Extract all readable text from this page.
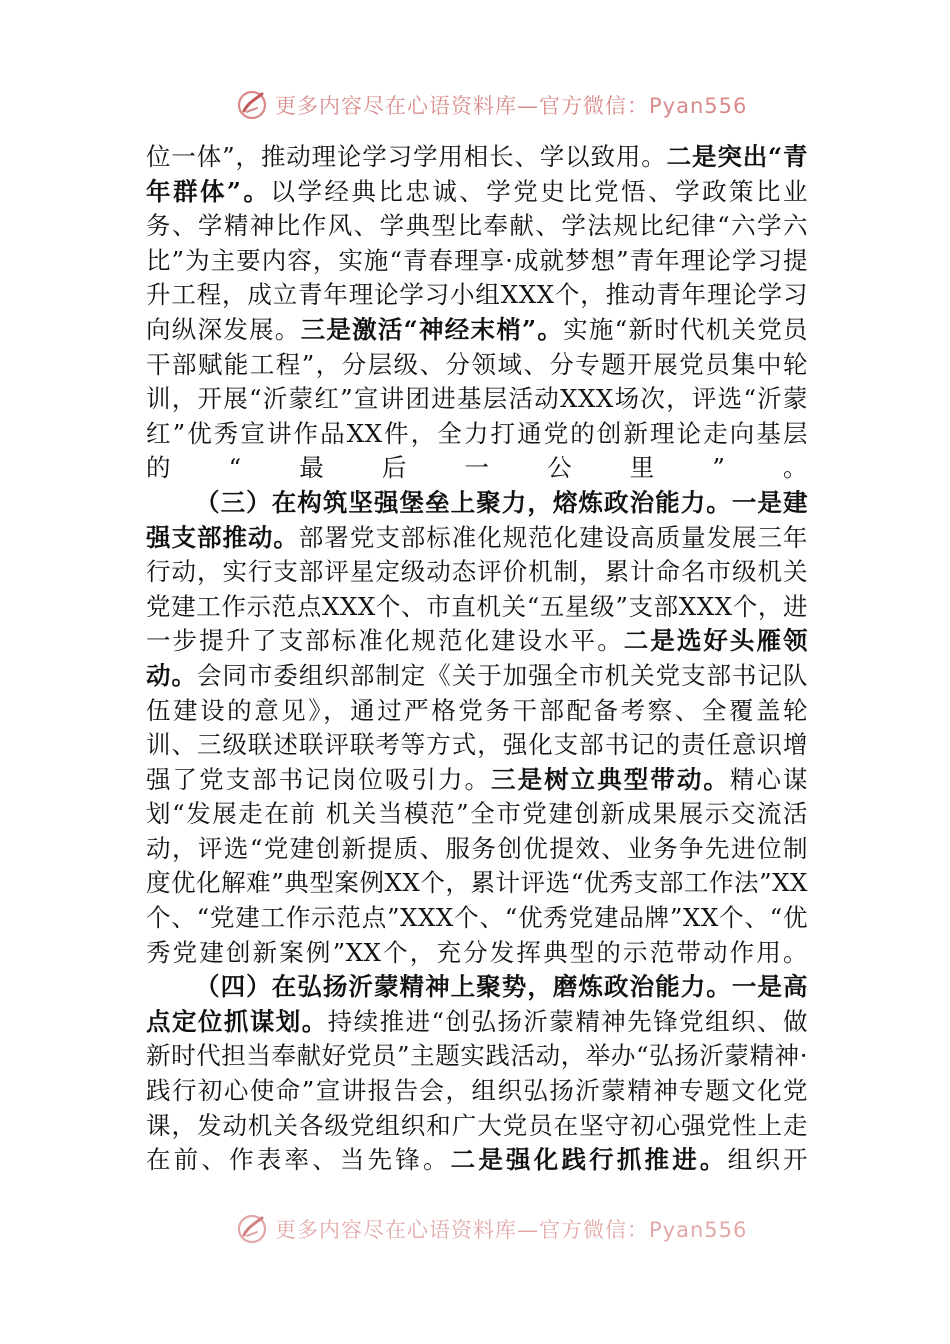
更多内容尽在心语资料库—官方微信：Pyan556

位一体”，推动理论学习学用相长、学以致用。二是突出“青年群体”。以学经典比忠诚、学党史比党悟、学政策比业务、学精神比作风、学典型比奉献、学法规比纪律“六学六比”为主要内容，实施“青春理享·成就梦想”青年理论学习提升工程，成立青年理论学习小组XXX个，推动青年理论学习向纵深发展。三是激活“神经末梢”。实施“新时代机关党员干部赋能工程”，分层级、分领域、分专题开展党员集中轮训，开展“沂蒙红”宣讲团进基层活动XXX场次，评选“沂蒙红”优秀宣讲作品XX件，全力打通党的创新理论走向基层的“最后一公里”。

（三）在构筑坚强堡垒上聚力，熔炼政治能力。一是建强支部推动。部署党支部标准化规范化建设高质量发展三年行动，实行支部评星定级动态评价机制，累计命名市级机关党建工作示范点XXX个、市直机关“五星级”支部XXX个，进一步提升了支部标准化规范化建设水平。二是选好头雁领动。会同市委组织部制定《关于加强全市机关党支部书记队伍建设的意见》，通过严格党务干部配备考察、全覆盖轮训、三级联述联评联考等方式，强化支部书记的责任意识增强了党支部书记岗位吸引力。三是树立典型带动。精心谋划“发展走在前 机关当模范”全市党建创新成果展示交流活动，评选“党建创新提质、服务创优提效、业务争先进位制度优化解难”典型案例XX个，累计评选“优秀支部工作法”XX个、“党建工作示范点”XXX个、“优秀党建品牌”XX个、“优秀党建创新案例”XX个，充分发挥典型的示范带动作用。

（四）在弘扬沂蒙精神上聚势，磨炼政治能力。一是高点定位抓谋划。持续推进“创弘扬沂蒙精神先锋党组织、做新时代担当奉献好党员”主题实践活动，举办“弘扬沂蒙精神·践行初心使命”宣讲报告会，组织弘扬沂蒙精神专题文化党课，发动机关各级党组织和广大党员在坚守初心强党性上走在前、作表率、当先锋。二是强化践行抓推进。组织开

更多内容尽在心语资料库—官方微信：Pyan556
